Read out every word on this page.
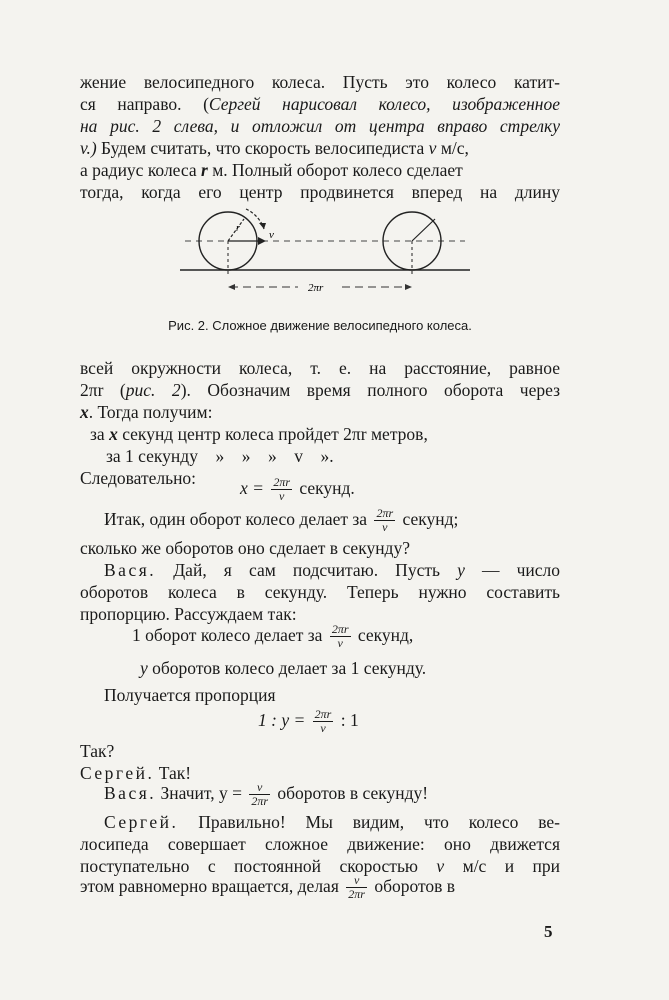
жение велосипедного колеса. Пусть это колесо катит-
ся направо. (Сергей нарисовал колесо, изображенное
на рис. 2 слева, и отложил от центра вправо стрелку
v.) Будем считать, что скорость велосипедиста v м/с,
а радиус колеса r м. Полный оборот колесо сделает
тогда, когда его центр продвинется вперед на длину
r
v
2πr
Рис. 2. Сложное движение велосипедного колеса.
всей окружности колеса, т. е. на расстояние, равное
2πr (рис. 2). Обозначим время полного оборота через
x. Тогда получим:
за x секунд центр колеса пройдет 2πr метров,
за 1 секунду    »    »    »    v    ».
Следовательно:	$x = \frac{2\pi r}{v}$ секунд.
Итак, один оборот колесо делает за $\frac{2\pi r}{v}$ секунд;
сколько же оборотов оно сделает в секунду?
Вася. Дай, я сам подсчитаю. Пусть y — число
оборотов колеса в секунду. Теперь нужно составить
пропорцию. Рассуждаем так:
1 оборот колесо делает за $\frac{2\pi r}{v}$ секунд,
y оборотов колесо делает за 1 секунду.
Получается пропорция
1 : $y = \frac{2\pi r}{v}$ : 1
Так?
Сергей. Так!
Вася. Значит, $y = \frac{v}{2\pi r}$ оборотов в секунду!
Сергей. Правильно! Мы видим, что колесо ве-
лосипеда совершает сложное движение: оно движется
поступательно с постоянной скоростью v м/с и при
этом равномерно вращается, делая $\frac{v}{2\pi r}$ оборотов в
5
